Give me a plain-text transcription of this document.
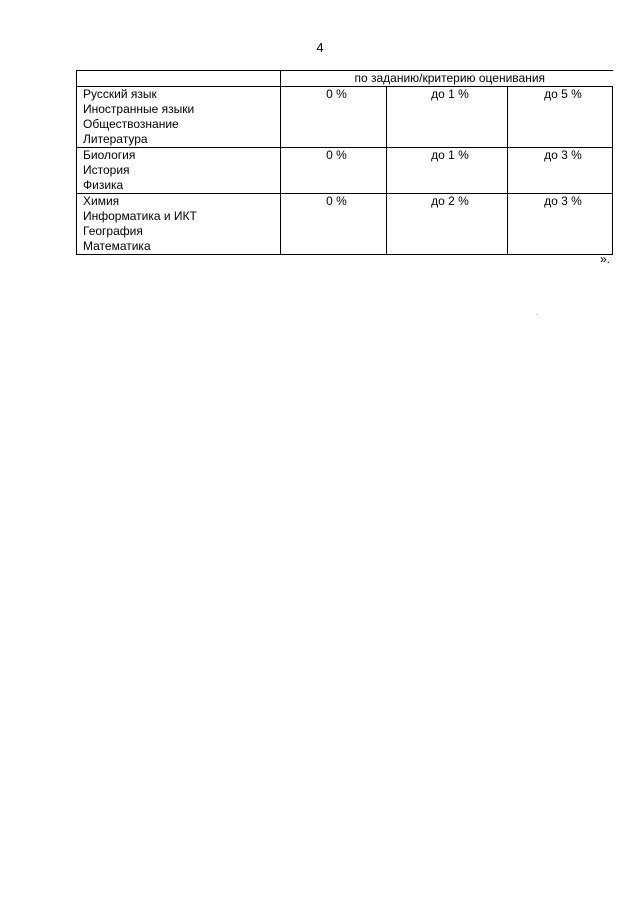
4
	по заданию/критерию оценивания		

Русский язык
Иностранные языки
Обществознание
Литература	0 %	до 1 %	до 5 %

Биология
История
Физика	0 %	до 1 %	до 3 %

Химия
Информатика и ИКТ
География
Математика	0 %	до 2 %	до 3 %
».
